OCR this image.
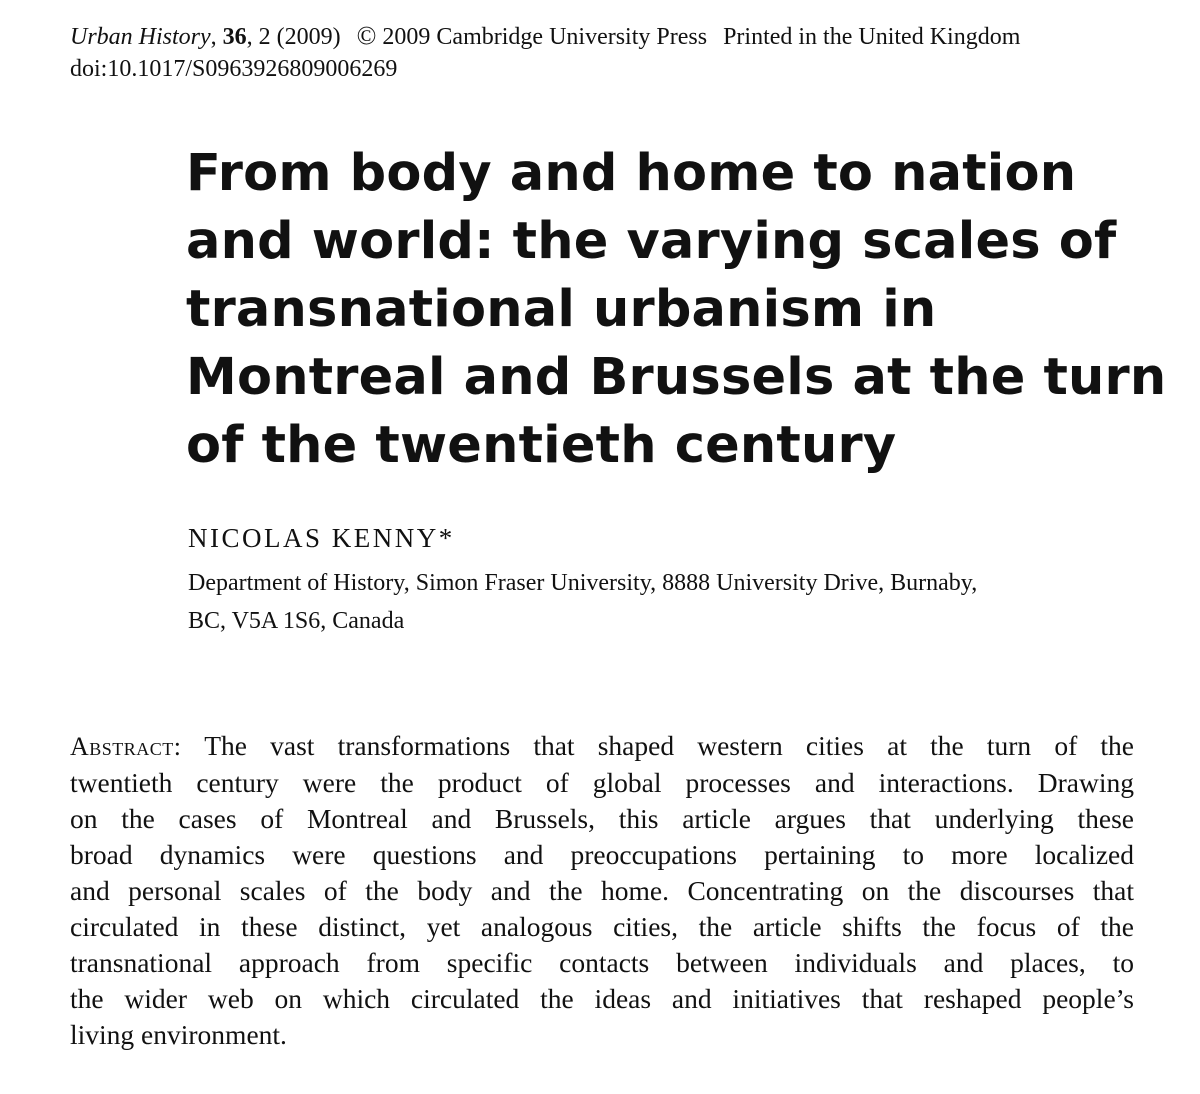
Urban History, 36, 2 (2009) © 2009 Cambridge University Press Printed in the United Kingdom
doi:10.1017/S0963926809006269
From body and home to nation
and world: the varying scales of
transnational urbanism in
Montreal and Brussels at the turn
of the twentieth century
NICOLAS KENNY*
Department of History, Simon Fraser University, 8888 University Drive, Burnaby,
BC, V5A 1S6, Canada
Abstract: The vast transformations that shaped western cities at the turn of the
twentieth century were the product of global processes and interactions. Drawing
on the cases of Montreal and Brussels, this article argues that underlying these
broad dynamics were questions and preoccupations pertaining to more localized
and personal scales of the body and the home. Concentrating on the discourses that
circulated in these distinct, yet analogous cities, the article shifts the focus of the
transnational approach from specific contacts between individuals and places, to
the wider web on which circulated the ideas and initiatives that reshaped people’s
living environment.
